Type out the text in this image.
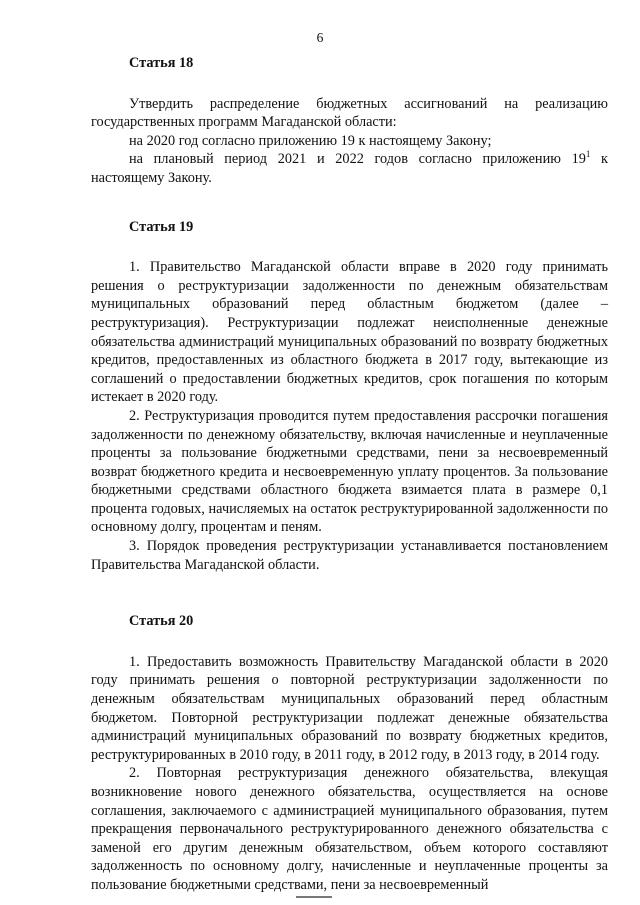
6
Статья 18

Утвердить распределение бюджетных ассигнований на реализацию государственных программ Магаданской области:

на 2020 год согласно приложению 19 к настоящему Закону;

на плановый период 2021 и 2022 годов согласно приложению $19^1$ к настоящему Закону.

Статья 19

1. Правительство Магаданской области вправе в 2020 году принимать решения о реструктуризации задолженности по денежным обязательствам муниципальных образований перед областным бюджетом (далее – реструктуризация). Реструктуризации подлежат неисполненные денежные обязательства администраций муниципальных образований по возврату бюджетных кредитов, предоставленных из областного бюджета в 2017 году, вытекающие из соглашений о предоставлении бюджетных кредитов, срок погашения по которым истекает в 2020 году.

2. Реструктуризация проводится путем предоставления рассрочки погашения задолженности по денежному обязательству, включая начисленные и неуплаченные проценты за пользование бюджетными средствами, пени за несвоевременный возврат бюджетного кредита и несвоевременную уплату процентов. За пользование бюджетными средствами областного бюджета взимается плата в размере 0,1 процента годовых, начисляемых на остаток реструктурированной задолженности по основному долгу, процентам и пеням.

3. Порядок проведения реструктуризации устанавливается постановлением Правительства Магаданской области.

Статья 20

1. Предоставить возможность Правительству Магаданской области в 2020 году принимать решения о повторной реструктуризации задолженности по денежным обязательствам муниципальных образований перед областным бюджетом. Повторной реструктуризации подлежат денежные обязательства администраций муниципальных образований по возврату бюджетных кредитов, реструктурированных в 2010 году, в 2011 году, в 2012 году, в 2013 году, в 2014 году.

2. Повторная реструктуризация денежного обязательства, влекущая возникновение нового денежного обязательства, осуществляется на основе соглашения, заключаемого с администрацией муниципального образования, путем прекращения первоначального реструктурированного денежного обязательства с заменой его другим денежным обязательством, объем которого составляют задолженность по основному долгу, начисленные и неуплаченные проценты за пользование бюджетными средствами, пени за несвоевременный
